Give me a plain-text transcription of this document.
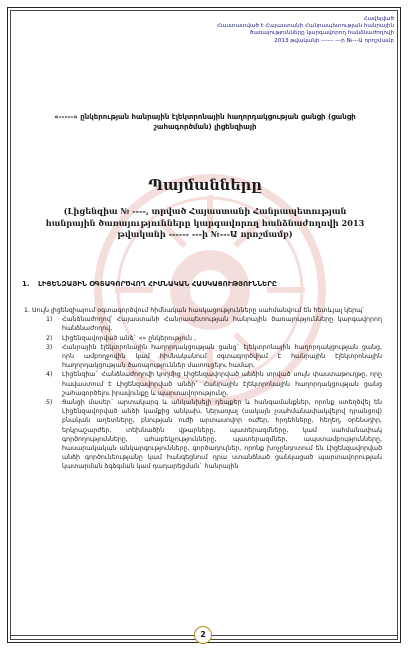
Հավելված
Հաստատված է Հայաստանի Հանրապետության հանրային
ծառայությունները կարգավորող հանձնաժողովի
2013 թվականի ------ ---ի №---Ա որոշմամբ
«-----» ընկերության հանրային էլեկտրոնային հաղորդակցության ցանցի (ցանցի շահագործման) լիցենզիայի
Պայմանները
(Լիցենզիա № ----, տրված Հայաստանի Հանրապետության հանրային ծառայությունները կարգավորող հանձնաժողովի 2013 թվականի ------ ---ի №---Ա որոշմամբ)
1. ԼԻՑԵՆԶԱՅԻՆ ՕԳՏԱԳՈՐԾՎՈՂ ՀԻՄՆԱԿԱՆ ՀԱՍԿԱՑՈՒԹՅՈՒՆՆԵՐԸ
1. Սույն լիցենզիայում օգտագործվում հիմնական հասկացությունները սահմանվում են հետևյալ կերպ՝
1)	Հանձնաժողով՝ Հայաստանի Հանրապետության հանրային ծառայությունները կարգավորող հանձնաժողով,
2)	Լիցենզավորված անձ` «» ընկերություն ,
3)	Հանրային էլեկտրոնային հաղորդակցության ցանց` էլեկտրոնային հաղորդակցության ցանց, որն ամբողջովին կամ հիմնականում օգտագործվում է հանրային էլեկտրոնային հաղորդակցության ծառայություններ մատուցելու համար,
4)	Լիցենզիա` Հանձնաժողովի կողմից Լիցենզավորված անձին տրված սույն փաստաթուղթը, որը հավաստում է Լիցենզավորված անձի` Հանրային էլեկտրոնային հաղորդակցության ցանց շահագործելու իրավունքը և պարտավորությունը,
5)	Ցանցի մասեր` արտակարգ և անկանխելի դեպքեր և հանգամանքներ, որոնք ստեղծվել են Լիցենզավորված անձի կամքից անկախ, ներառյալ (սակայն չսահմանափակվելով դրանցով) բնական աղետները, բնության ուժի արտասովոր ուժեր, հրդեհները, հեղեղ, օրենսդիր, երկրաշարժեր, տեխնածին վթարները, պատերազմները, կամ սահմանափակ գործողությունները, ահաբեկչությունները, պատերազմներ, ապստամբությունները, հասարակական անկարգությունները, գործադուլներ, որոնք խոչընդոտում են Լիցենզավորված անձի գործունեությանը կամ հանգեցնում դրա ստանձնած ցանկացած պարտավորության կատարման ձգձգման կամ դադարեցման` հանրային
2
